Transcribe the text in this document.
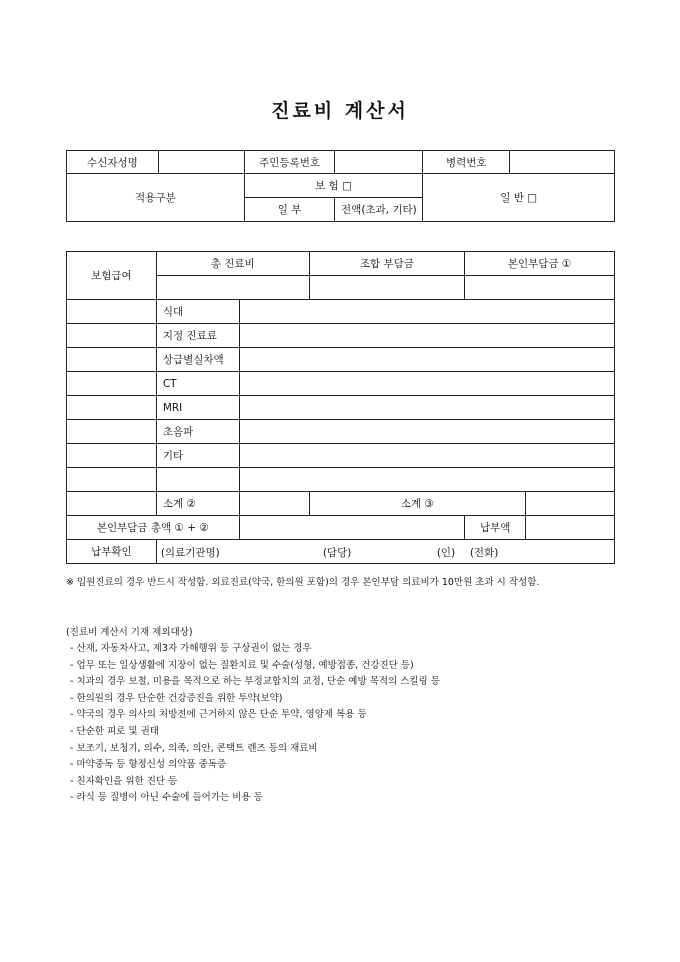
진료비 계산서
수신자성명		주민등록번호		병력번호	
적용구분		보 험 □		일 반 □	
		일 부	전액(초과, 기타)		
보험급여	총 진료비		조합 부담금	본인부담금 ①	

	식대				
	지정 진료료				
	상급별실차액				
	CT				
	MRI				
	초음파				
	기타				

	소계 ②		소계 ③		
본인부담금 총액 ① + ②				납부액	
납부확인	(의료기관명) (담당) (인) (전화)				
※ 입원진료의 경우 반드시 작성함. 외료진료(약국, 한의원 포함)의 경우 본인부담 의료비가 10만원 초과 시 작성함.
(진료비 계산서 기재 제외대상)
- 산재, 자동차사고, 제3자 가해행위 등 구상권이 없는 경우
- 업무 또는 일상생활에 지장이 없는 질환치료 및 수술(성형, 예방접종, 건강진단 등)
- 치과의 경우 보철, 미용을 목적으로 하는 부정교합치의 교정, 단순 예방 목적의 스킬링 등
- 한의원의 경우 단순한 건강증진을 위한 투약(보약)
- 약국의 경우 의사의 처방전에 근거하지 않은 단순 투약, 영양제 복용 등
- 단순한 피로 및 권태
- 보조기, 보청기, 의수, 의족, 의안, 콘택트 렌즈 등의 재료비
- 마약중독 등 향정신성 의약품 중독증
- 친자확인을 위한 진단 등
- 라식 등 질병이 아닌 수술에 들어가는 비용 등
